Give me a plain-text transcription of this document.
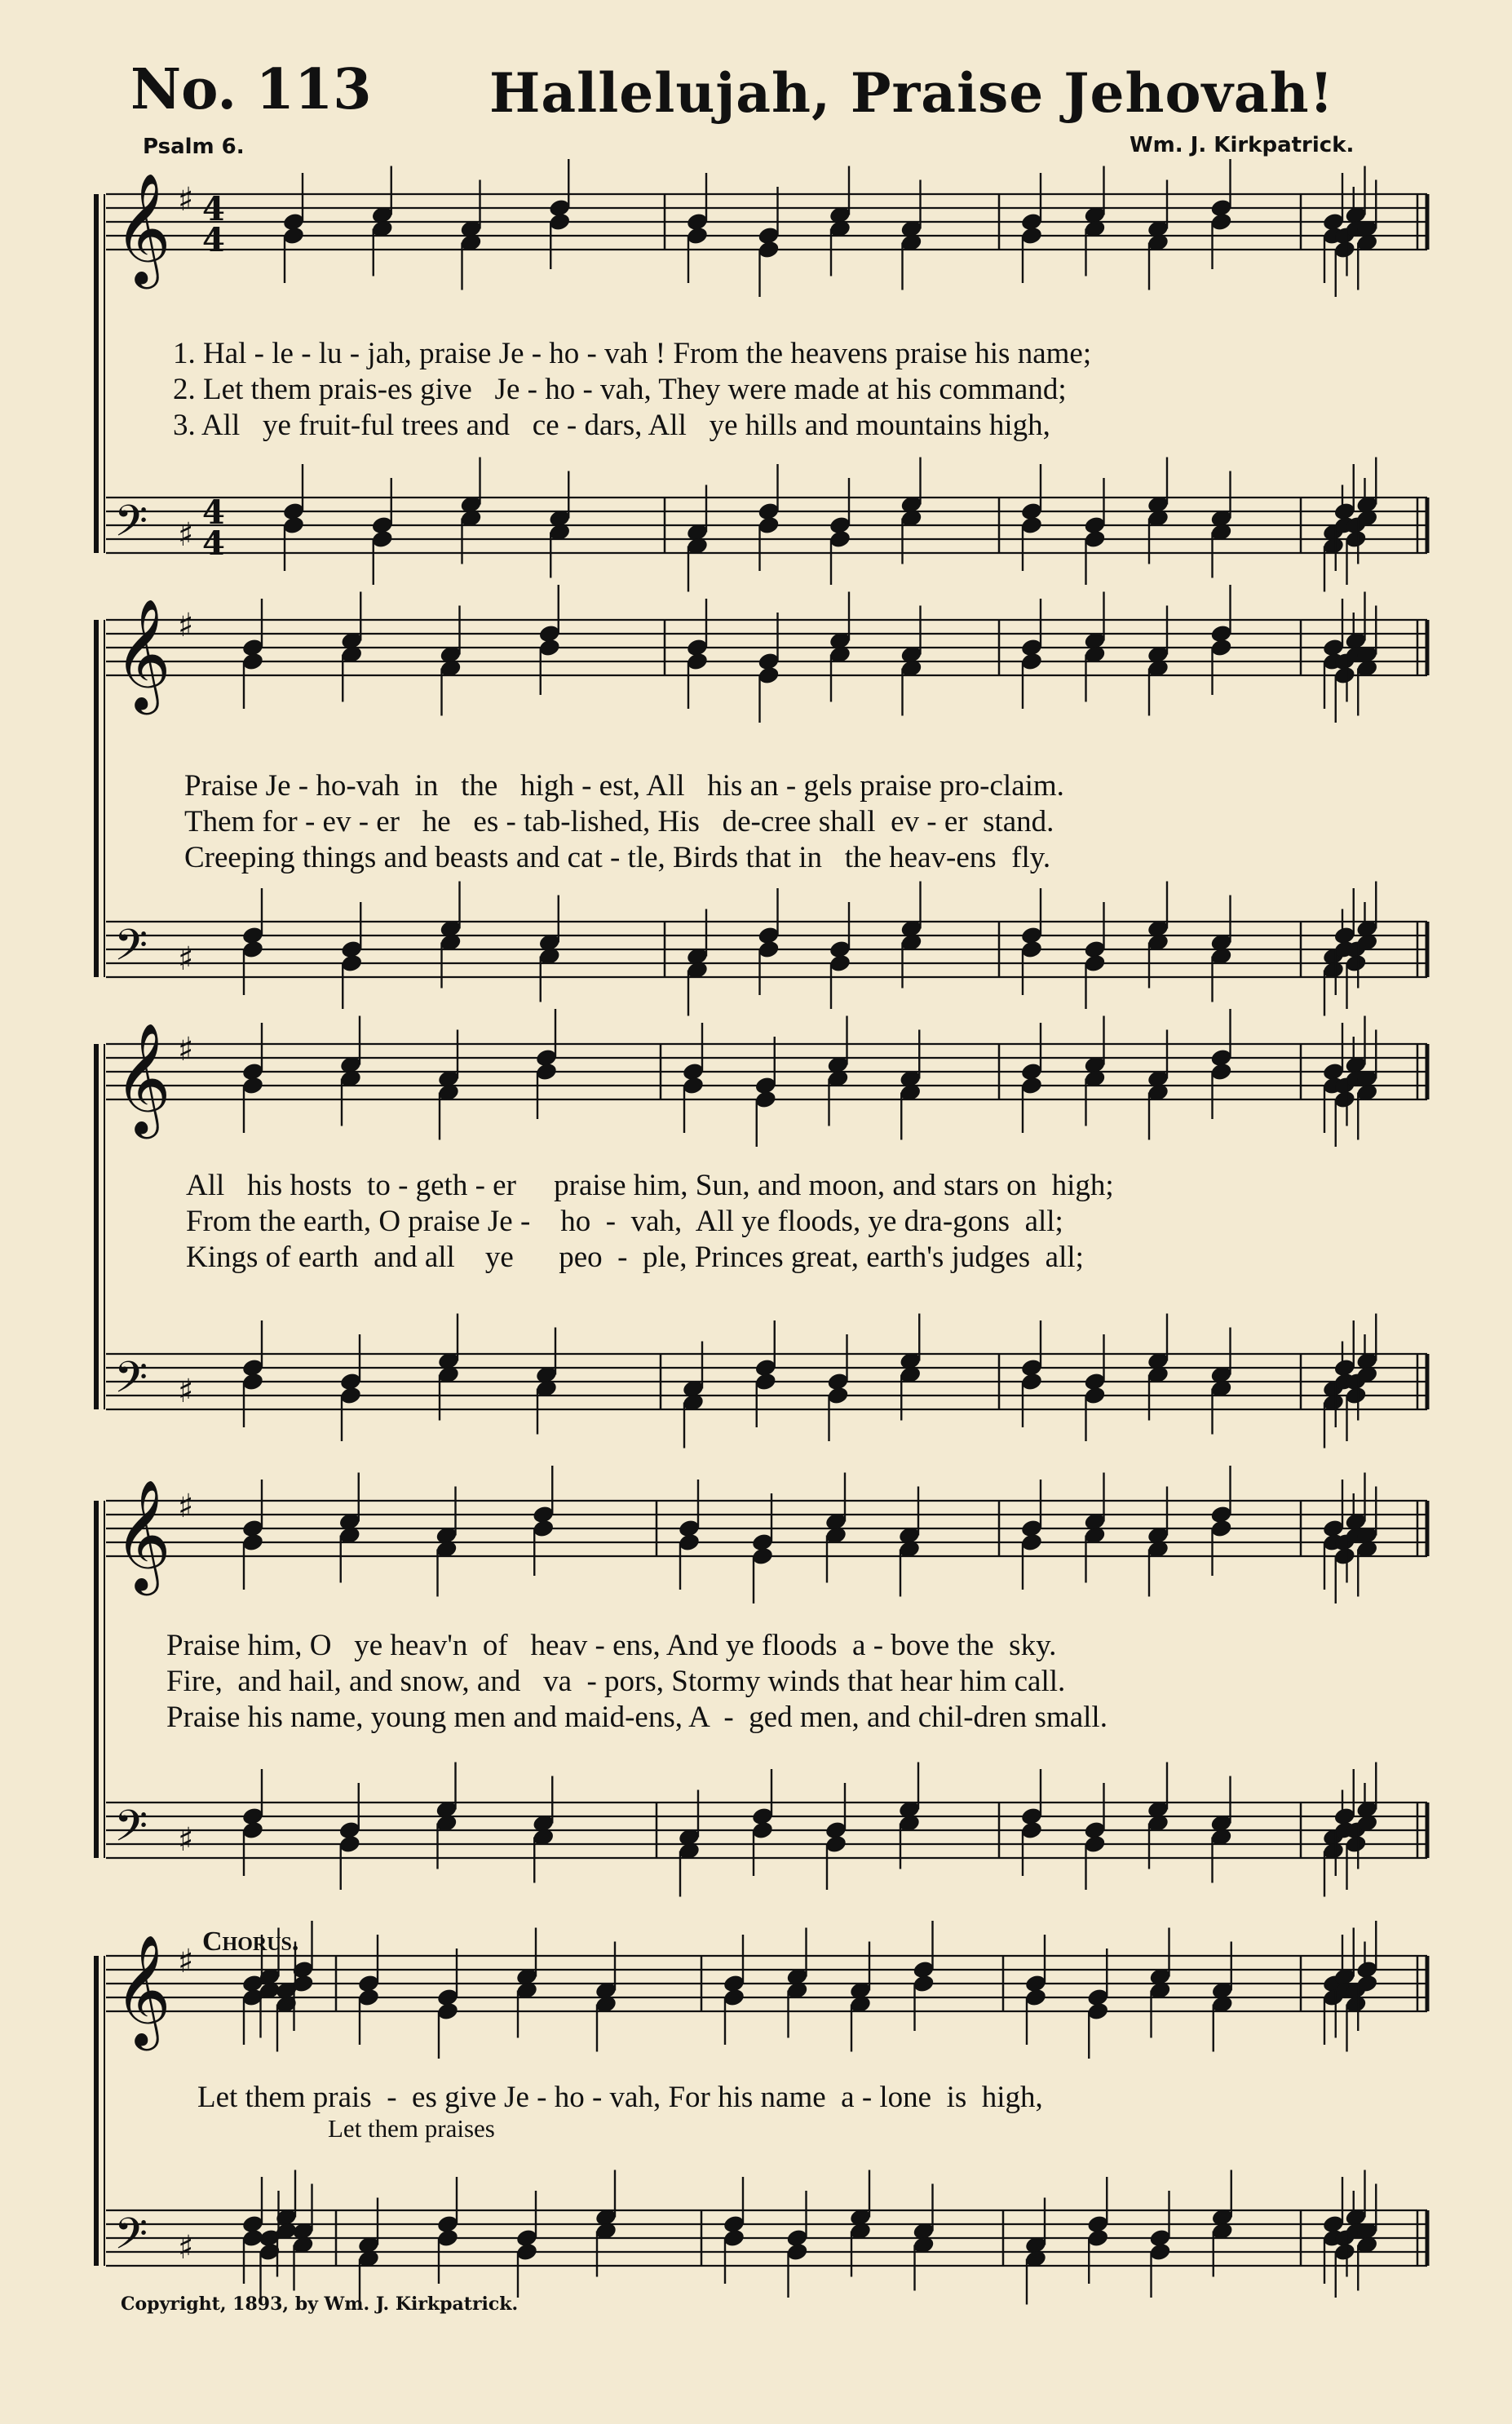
No. 113 Hallelujah, Praise Jehovah!
Psalm 6.	Wm. J. Kirkpatrick.
𝄞 ♯ 4
4
𝄢 ♯
4
4
𝄞 ♯
𝄢 ♯
𝄞 ♯
𝄢 ♯
𝄞 ♯
𝄢 ♯
𝄞 ♯
𝄢 ♯
1. Hal - le - lu - jah, praise Je - ho - vah ! From the heavens praise his name;
2. Let them prais-es give   Je - ho - vah, They were made at his command;
3. All   ye fruit-ful trees and   ce - dars, All   ye hills and mountains high,
Praise Je - ho-vah  in   the   high - est, All   his an - gels praise pro-claim.
Them for - ev - er   he   es - tab-lished, His   de-cree shall  ev - er  stand.
Creeping things and beasts and cat - tle, Birds that in   the heav-ens  fly.
All   his hosts  to - geth - er     praise him, Sun, and moon, and stars on  high;
From the earth, O praise Je -    ho  -  vah,  All ye floods, ye dra-gons  all;
Kings of earth  and all    ye      peo  -  ple, Princes great, earth's judges  all;
Praise him, O   ye heav'n  of   heav - ens, And ye floods  a - bove the  sky.
Fire,  and hail, and snow, and   va  - pors, Stormy winds that hear him call.
Praise his name, young men and maid-ens, A  -  ged men, and chil-dren small.
Chorus.
Let them prais  -  es give Je - ho - vah, For his name  a - lone  is  high,
Let them praises
Copyright, 1893, by Wm. J. Kirkpatrick.
